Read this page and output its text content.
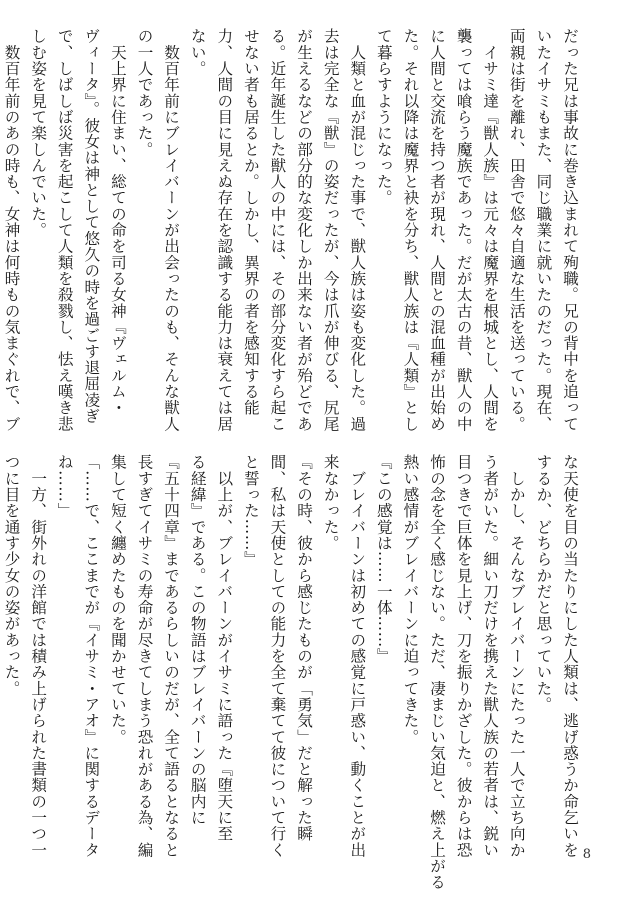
だった兄は事故に巻き込まれて殉職。兄の背中を追って
いたイサミもまた、同じ職業に就いたのだった。現在、
両親は街を離れ、田舎で悠々自適な生活を送っている。
　イサミ達『獣人族』は元々は魔界を根城とし、人間を
襲っては喰らう魔族であった。だが太古の昔、獣人の中
に人間と交流を持つ者が現れ、人間との混血種が出始め
た。それ以降は魔界と袂を分ち、獣人族は『人類』とし
て暮らすようになった。
　人類と血が混じった事で、獣人族は姿も変化した。過
去は完全な『獣』の姿だったが、今は爪が伸びる、尻尾
が生えるなどの部分的な変化しか出来ない者が殆どであ
る。近年誕生した獣人の中には、その部分変化すら起こ
せない者も居るとか。しかし、異界の者を感知する能
力、人間の目に見えぬ存在を認識する能力は衰えては居
ない。
　数百年前にブレイバーンが出会ったのも、そんな獣人
の一人であった。
　天上界に住まい、総ての命を司る女神『ヴェルム・
ヴィータ』。彼女は神として悠久の時を過ごす退屈凌ぎ
で、しばしば災害を起こして人類を殺戮し、怯え嘆き悲
しむ姿を見て楽しんでいた。
　数百年前のあの時も、女神は何時もの気まぐれで、ブ
な天使を目の当たりにした人類は、逃げ惑うか命乞いを
するか、どちらかだと思っていた。
　しかし、そんなブレイバーンにたった一人で立ち向か
う者がいた。細い刀だけを携えた獣人族の若者は、鋭い
目つきで巨体を見上げ、刀を振りかざした。彼からは恐
怖の念を全く感じない。ただ、凄まじい気迫と、燃え上がる
熱い感情がブレイバーンに迫ってきた。
『この感覚は……一体……』
　ブレイバーンは初めての感覚に戸惑い、動くことが出
来なかった。
『その時、彼から感じたものが「勇気」だと解った瞬
間、私は天使としての能力を全て棄てて彼について行く
と誓った……』
　以上が、ブレイバーンがイサミに語った『堕天に至
る経緯』である。この物語はブレイバーンの脳内に
『五十四章』まであるらしいのだが、全て語るとなると
長すぎてイサミの寿命が尽きてしまう恐れがある為、編
集して短く纏めたものを聞かせていた。
「……で、ここまでが『イサミ・アオ』に関するデータ
ね……」
　一方、街外れの洋館では積み上げられた書類の一つ一
つに目を通す少女の姿があった。
8
